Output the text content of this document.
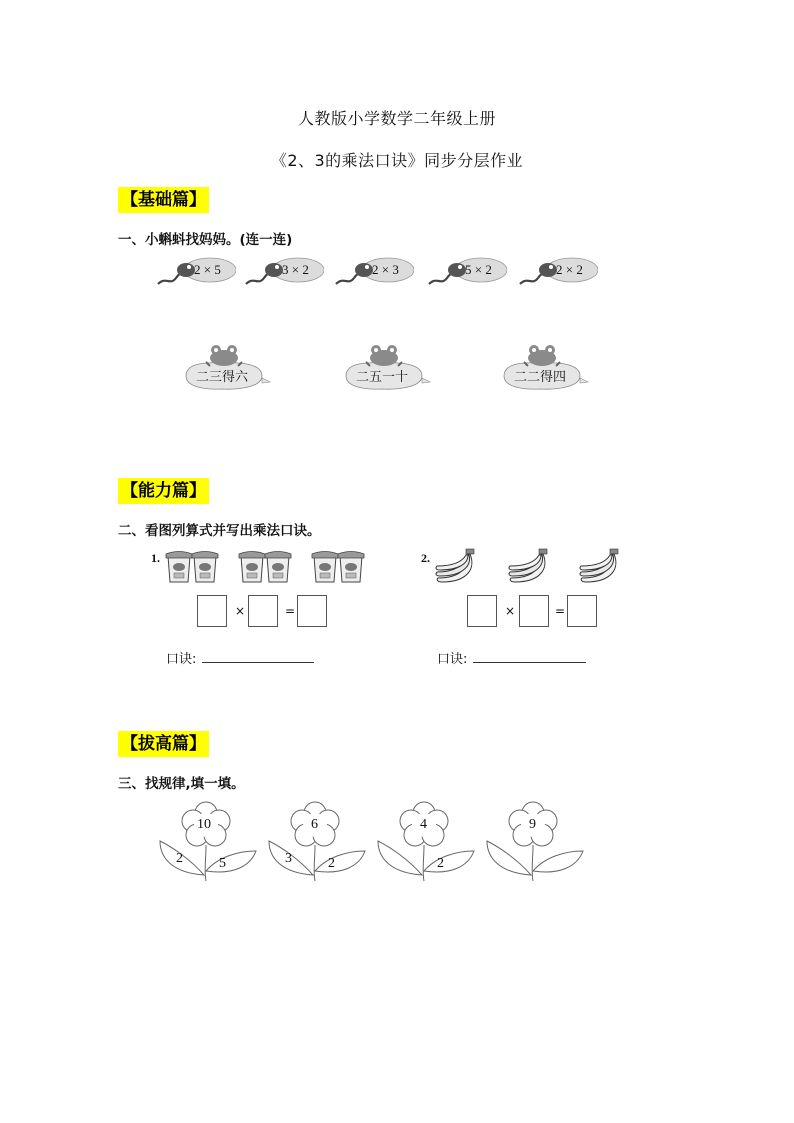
人教版小学数学二年级上册
《2、3的乘法口诀》同步分层作业
【基础篇】
一、小蝌蚪找妈妈。(连一连)
2 × 5	3 × 2	2 × 3	5 × 2	2 × 2
二三得六	二五一十	二二得四
【能力篇】
二、看图列算式并写出乘法口诀。
1.	2.
×	=	×	=
口诀:	口诀:
【拔高篇】
三、找规律,填一填。
10
2	5
6
3	2
4
2
9
